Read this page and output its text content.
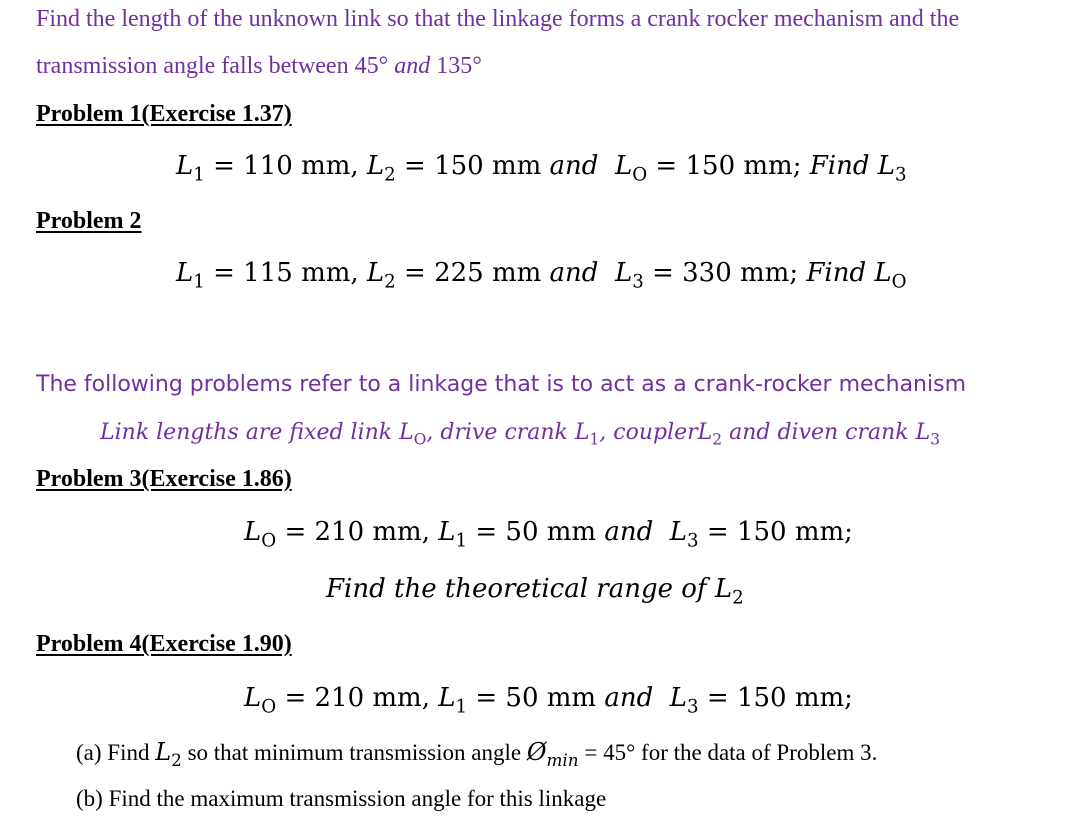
Find the length of the unknown link so that the linkage forms a crank rocker mechanism and the
transmission angle falls between 45° and 135°
Problem 1(Exercise 1.37)
$L_1 = 110$ mm, $L_2 = 150$ mm and $L_O = 150$ mm; Find $L_3$
Problem 2
$L_1 = 115$ mm, $L_2 = 225$ mm and $L_3 = 330$ mm; Find $L_O$
The following problems refer to a linkage that is to act as a crank-rocker mechanism
Link lengths are fixed link $L_O$, drive crank $L_1$, couplerL$_2$ and diven crank $L_3$
Problem 3(Exercise 1.86)
$L_O = 210$ mm, $L_1 = 50$ mm and $L_3 = 150$ mm;
Find the theoretical range of $L_2$
Problem 4(Exercise 1.90)
$L_O = 210$ mm, $L_1 = 50$ mm and $L_3 = 150$ mm;
(a) Find $L_2$ so that minimum transmission angle $Ø_{min} = 45^\circ$ for the data of Problem 3.
(b) Find the maximum transmission angle for this linkage
